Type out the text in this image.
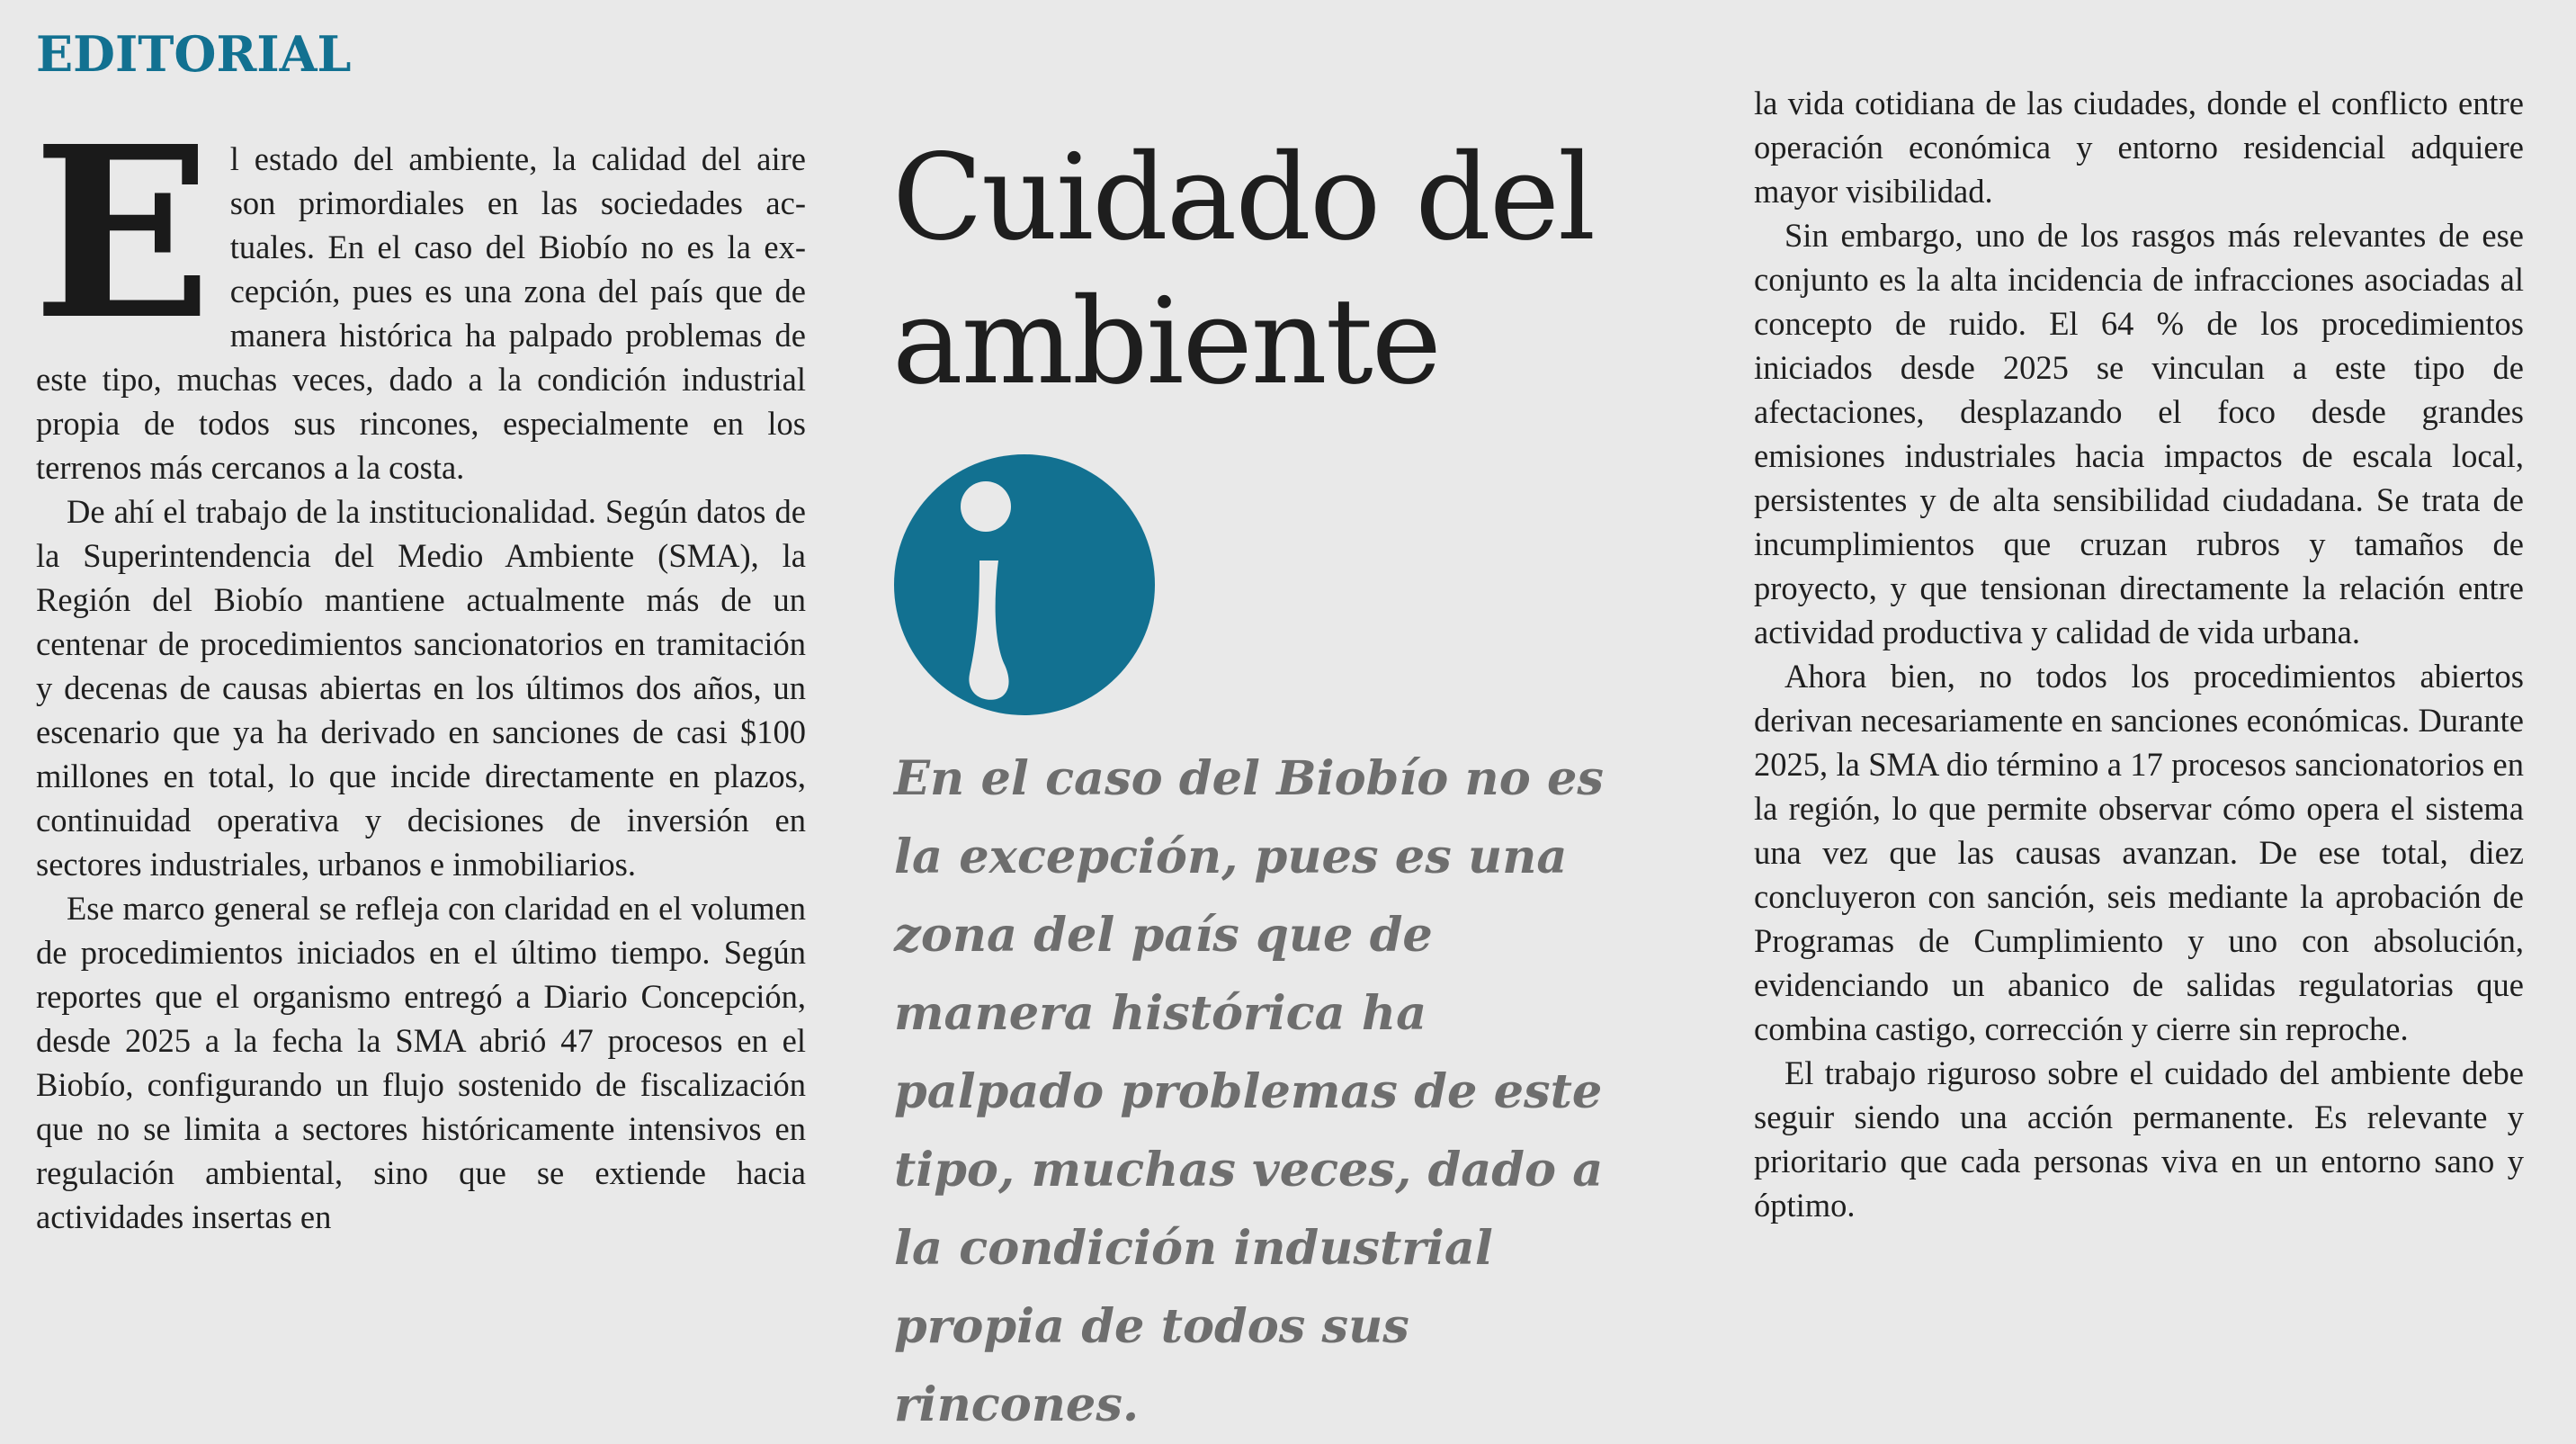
EDITORIAL

El estado del ambiente, la calidad del aire son primordiales en las sociedades actuales. En el caso del Biobío no es la excepción, pues es una zona del país que de manera histórica ha palpado problemas de este tipo, muchas veces, dado a la condición industrial propia de todos sus rincones, especialmente en los terrenos más cercanos a la costa.

De ahí el trabajo de la institucionalidad. Según datos de la Superintendencia del Medio Ambiente (SMA), la Región del Biobío mantiene actualmente más de un centenar de procedimientos sancionatorios en tramitación y decenas de causas abiertas en los últimos dos años, un escenario que ya ha derivado en sanciones de casi $100 millones en total, lo que incide directamente en plazos, continuidad operativa y decisiones de inversión en sectores industriales, urbanos e inmobiliarios.

Ese marco general se refleja con claridad en el volumen de procedimientos iniciados en el último tiempo. Según reportes que el organismo entregó a Diario Concepción, desde 2025 a la fecha la SMA abrió 47 procesos en el Biobío, configurando un flujo sostenido de fiscalización que no se limita a sectores históricamente intensivos en regulación ambiental, sino que se extiende hacia actividades insertas en

Cuidado del ambiente
En el caso del Biobío no es la excepción, pues es una zona del país que de manera histórica ha palpado problemas de este tipo, muchas veces, dado a la condición industrial propia de todos sus rincones.

la vida cotidiana de las ciudades, donde el conflicto entre operación económica y entorno residencial adquiere mayor visibilidad.

Sin embargo, uno de los rasgos más relevantes de ese conjunto es la alta incidencia de infracciones asociadas al concepto de ruido. El 64 % de los procedimientos iniciados desde 2025 se vinculan a este tipo de afectaciones, desplazando el foco desde grandes emisiones industriales hacia impactos de escala local, persistentes y de alta sensibilidad ciudadana. Se trata de incumplimientos que cruzan rubros y tamaños de proyecto, y que tensionan directamente la relación entre actividad productiva y calidad de vida urbana.

Ahora bien, no todos los procedimientos abiertos derivan necesariamente en sanciones económicas. Durante 2025, la SMA dio término a 17 procesos sancionatorios en la región, lo que permite observar cómo opera el sistema una vez que las causas avanzan. De ese total, diez concluyeron con sanción, seis mediante la aprobación de Programas de Cumplimiento y uno con absolución, evidenciando un abanico de salidas regulatorias que combina castigo, corrección y cierre sin reproche.

El trabajo riguroso sobre el cuidado del ambiente debe seguir siendo una acción permanente. Es relevante y prioritario que cada personas viva en un entorno sano y óptimo.
